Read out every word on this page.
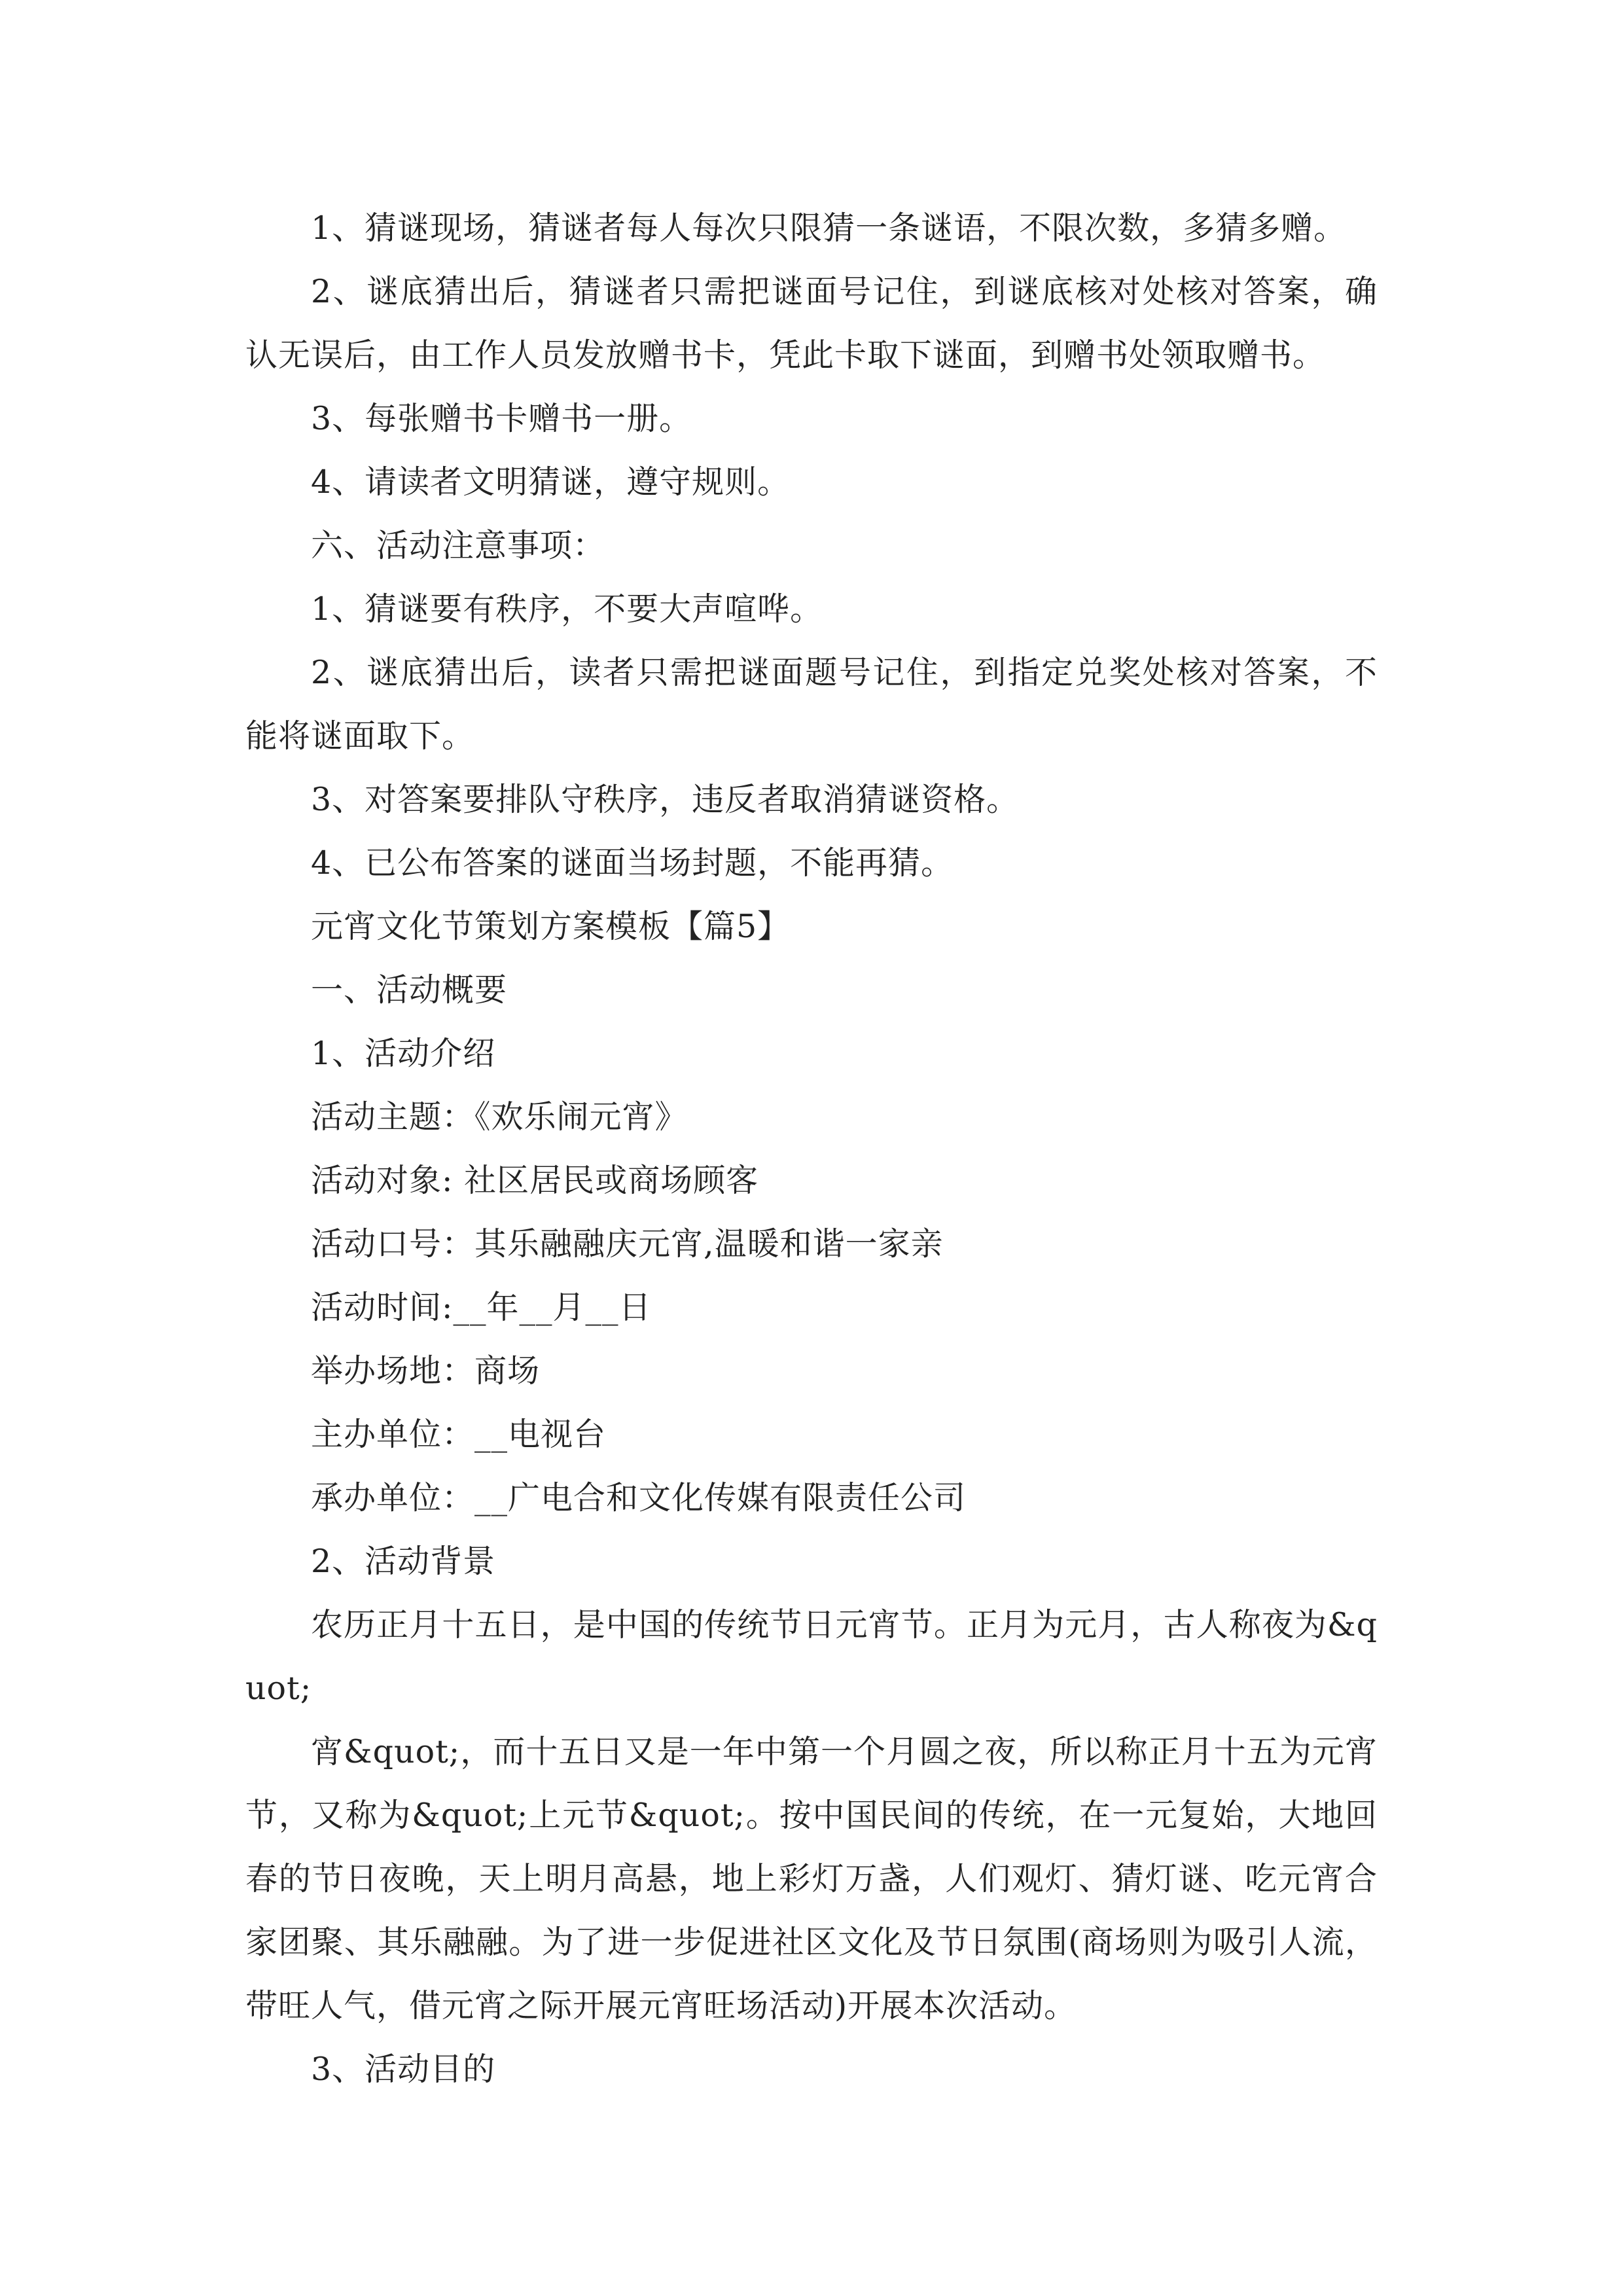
1、猜谜现场，猜谜者每人每次只限猜一条谜语，不限次数，多猜多赠。

2、谜底猜出后，猜谜者只需把谜面号记住，到谜底核对处核对答案，确认无误后，由工作人员发放赠书卡，凭此卡取下谜面，到赠书处领取赠书。

3、每张赠书卡赠书一册。

4、请读者文明猜谜，遵守规则。

六、活动注意事项：

1、猜谜要有秩序，不要大声喧哗。

2、谜底猜出后，读者只需把谜面题号记住，到指定兑奖处核对答案，不能将谜面取下。

3、对答案要排队守秩序，违反者取消猜谜资格。

4、已公布答案的谜面当场封题，不能再猜。

元宵文化节策划方案模板【篇5】

一、活动概要

1、活动介绍

活动主题：《欢乐闹元宵》

活动对象: 社区居民或商场顾客

活动口号：其乐融融庆元宵,温暖和谐一家亲

活动时间:__年__月__日

举办场地：商场

主办单位：__电视台

承办单位：__广电合和文化传媒有限责任公司

2、活动背景

农历正月十五日，是中国的传统节日元宵节。正月为元月，古人称夜为&quot;

宵&quot;，而十五日又是一年中第一个月圆之夜，所以称正月十五为元宵节，又称为&quot;上元节&quot;。按中国民间的传统，在一元复始，大地回春的节日夜晚，天上明月高悬，地上彩灯万盏，人们观灯、猜灯谜、吃元宵合家团聚、其乐融融。为了进一步促进社区文化及节日氛围(商场则为吸引人流，带旺人气，借元宵之际开展元宵旺场活动)开展本次活动。

3、活动目的
